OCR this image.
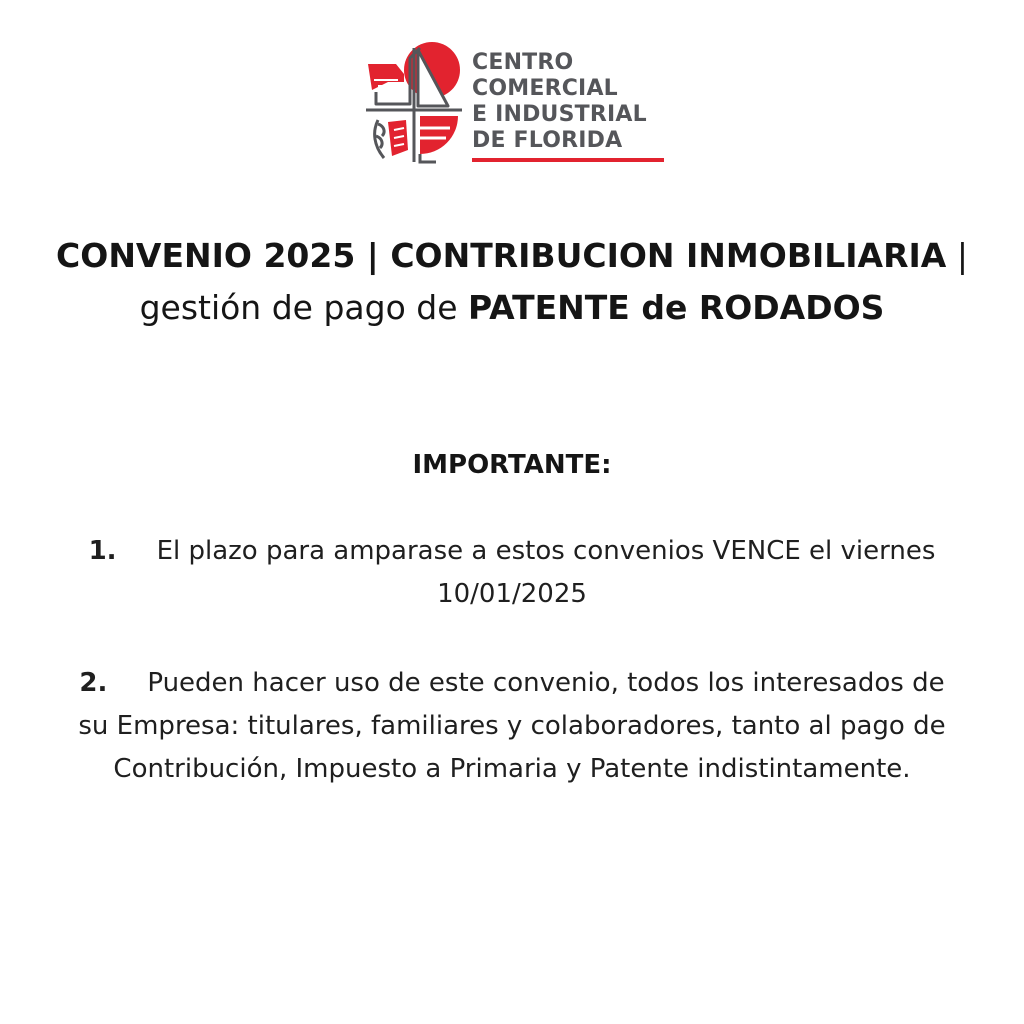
CENTRO
COMERCIAL
E INDUSTRIAL
DE FLORIDA
CONVENIO 2025 | CONTRIBUCION INMOBILIARIA |
gestión de pago de PATENTE de RODADOS
IMPORTANTE:
1. El plazo para amparase a estos convenios VENCE el viernes 10/01/2025
2. Pueden hacer uso de este convenio, todos los interesados de su Empresa: titulares, familiares y colaboradores, tanto al pago de Contribución, Impuesto a Primaria y Patente indistintamente.
